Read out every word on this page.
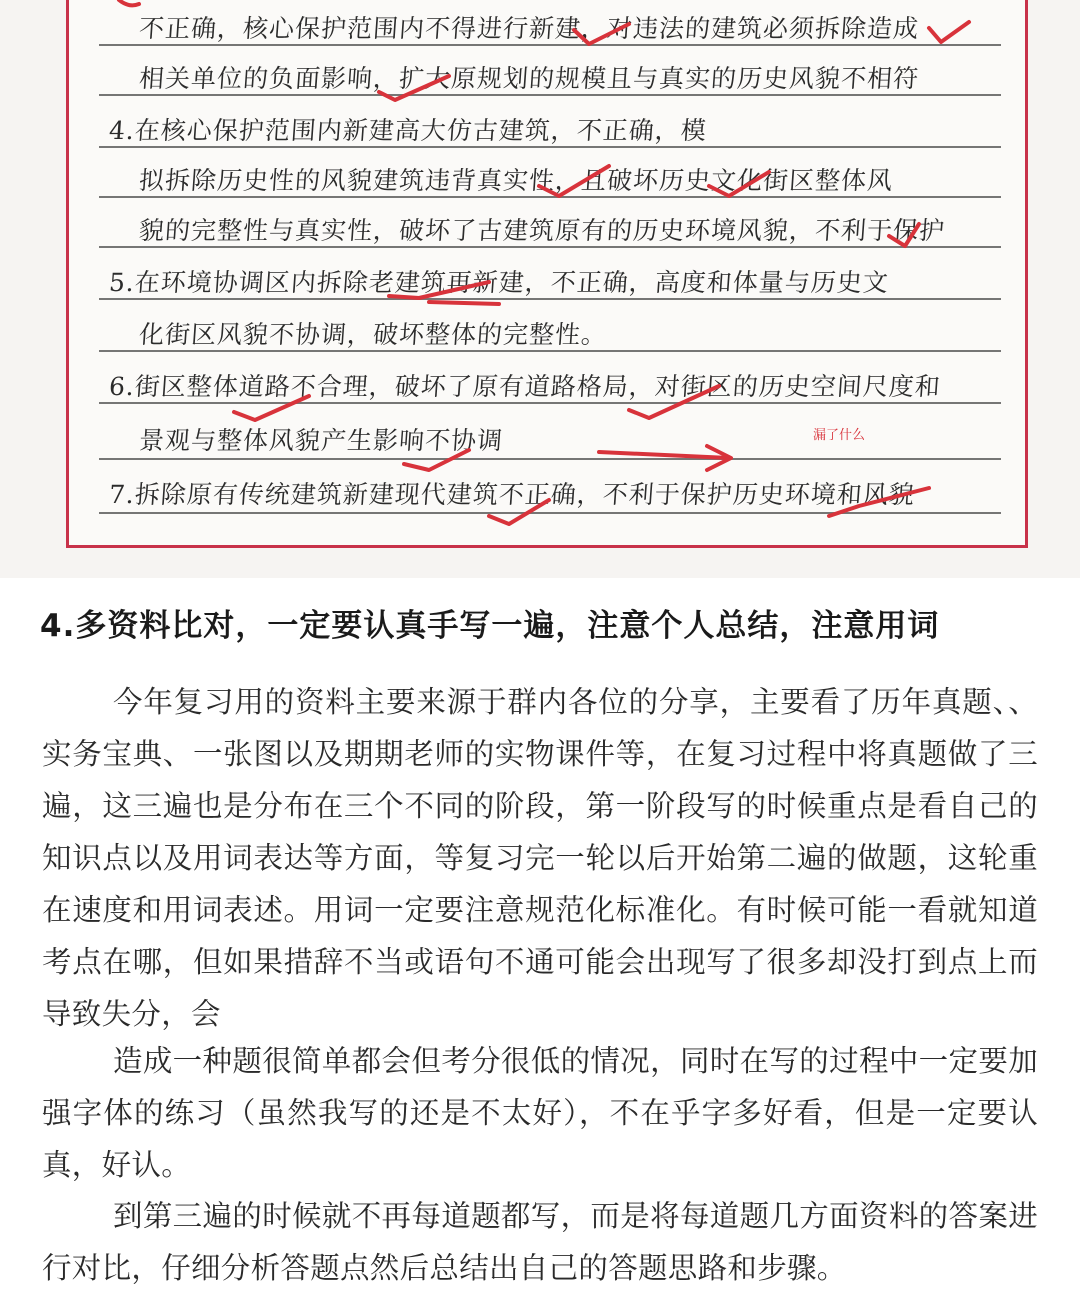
不正确，核心保护范围内不得进行新建，对违法的建筑必须拆除造成
相关单位的负面影响，扩大原规划的规模且与真实的历史风貌不相符
4.在核心保护范围内新建高大仿古建筑，不正确，模
拟拆除历史性的风貌建筑违背真实性，且破坏历史文化街区整体风
貌的完整性与真实性，破坏了古建筑原有的历史环境风貌，不利于保护
5.在环境协调区内拆除老建筑再新建，不正确，高度和体量与历史文
化街区风貌不协调，破坏整体的完整性。
6.街区整体道路不合理，破坏了原有道路格局，对街区的历史空间尺度和
景观与整体风貌产生影响不协调
7.拆除原有传统建筑新建现代建筑不正确，不利于保护历史环境和风貌
漏了什么
4.多资料比对，一定要认真手写一遍，注意个人总结，注意用词

今年复习用的资料主要来源于群内各位的分享，主要看了历年真题、、实务宝典、一张图以及期期老师的实物课件等，在复习过程中将真题做了三遍，这三遍也是分布在三个不同的阶段，第一阶段写的时候重点是看自己的知识点以及用词表达等方面，等复习完一轮以后开始第二遍的做题，这轮重在速度和用词表述。用词一定要注意规范化标准化。有时候可能一看就知道考点在哪，但如果措辞不当或语句不通可能会出现写了很多却没打到点上而导致失分，会

造成一种题很简单都会但考分很低的情况，同时在写的过程中一定要加强字体的练习（虽然我写的还是不太好），不在乎字多好看，但是一定要认真，好认。

到第三遍的时候就不再每道题都写，而是将每道题几方面资料的答案进行对比，仔细分析答题点然后总结出自己的答题思路和步骤。
